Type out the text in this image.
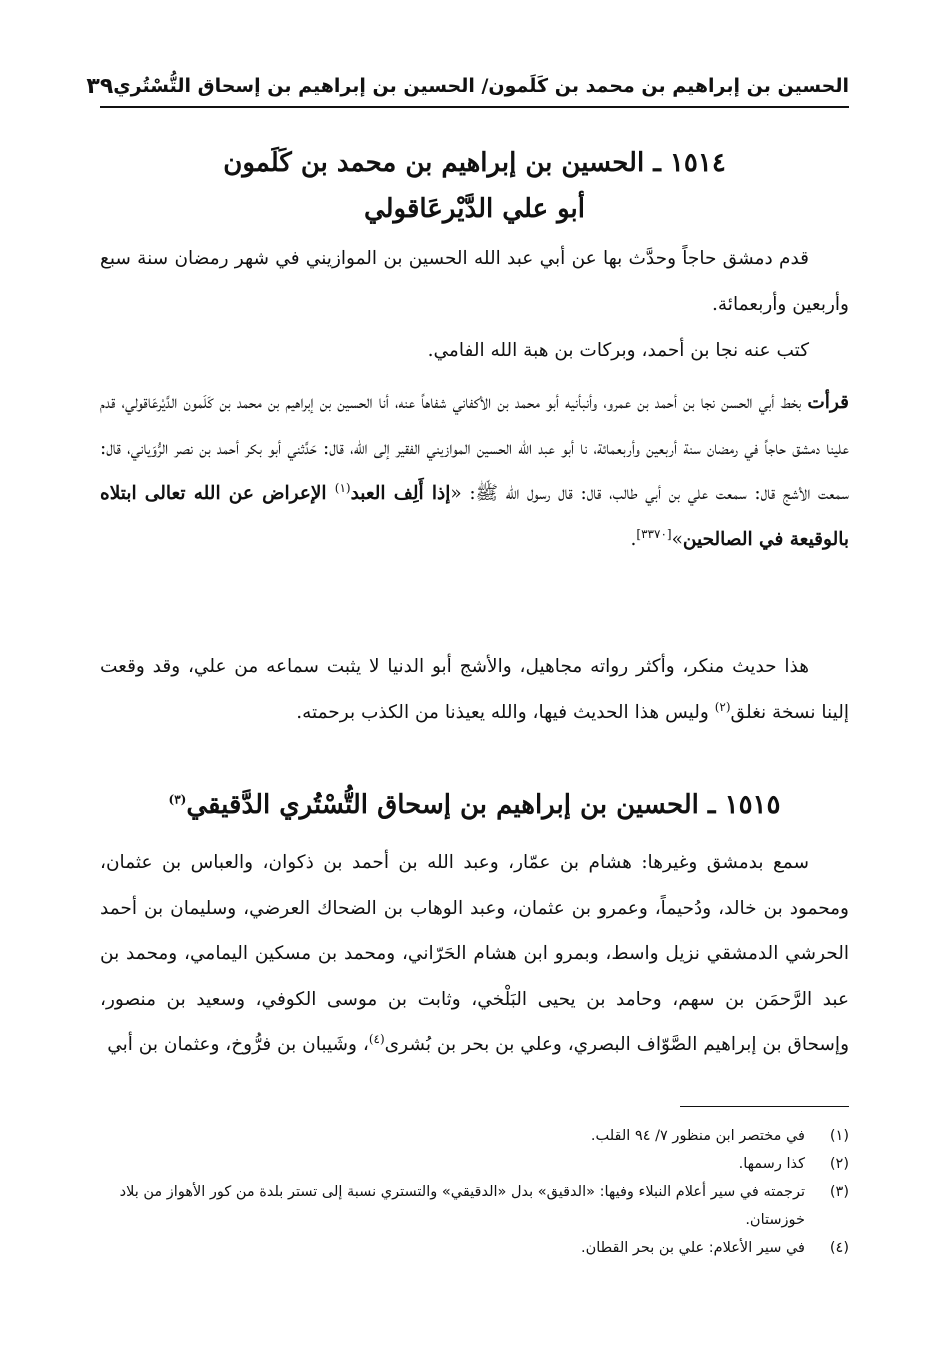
الحسين بن إبراهيم بن محمد بن كَلَمون/ الحسين بن إبراهيم بن إسحاق التُّسْتُري
٣٩
١٥١٤ ـ الحسين بن إبراهيم بن محمد بن كَلَمون
أبو علي الدَّيْرعَاقولي

قدم دمشق حاجاً وحدَّث بها عن أبي عبد الله الحسين بن الموازيني في شهر رمضان سنة سبع وأربعين وأربعمائة.

كتب عنه نجا بن أحمد، وبركات بن هبة الله الفامي.

قرأت بخط أبي الحسن نجا بن أحمد بن عمرو، وأنبأنيه أبو محمد بن الأكفاني شفاهاً عنه، أنا الحسين بن إبراهيم بن محمد بن كَلَمون الدَّيْرعَاقولي، قدم علينا دمشق حاجاً في رمضان سنة أربعين وأربعمائة، نا أبو عبد الله الحسين الموازيني الفقير إلى الله، قال: حَدَّثني أبو بكر أحمد بن نصر الرُّوَياني، قال: سمعت الأشج قال: سمعت علي بن أبي طالب، قال: قال رسول الله ﷺ: «إذا أَلِف العبد$^{(١)}$ الإعراض عن الله تعالى ابتلاه بالوقيعة في الصالحين»[٣٣٧٠].

هذا حديث منكر، وأكثر رواته مجاهيل، والأشج أبو الدنيا لا يثبت سماعه من علي، وقد وقعت إلينا نسخة نغلق$^{(٢)}$ وليس هذا الحديث فيها، والله يعيذنا من الكذب برحمته.

١٥١٥ ـ الحسين بن إبراهيم بن إسحاق التُّسْتُري الدَّقيقي$^{(٣)}$

سمع بدمشق وغيرها: هشام بن عمّار، وعبد الله بن أحمد بن ذكوان، والعباس بن عثمان، ومحمود بن خالد، ودُحيماً، وعمرو بن عثمان، وعبد الوهاب بن الضحاك العرضي، وسليمان بن أحمد الحرشي الدمشقي نزيل واسط، وبمرو ابن هشام الحَرّاني، ومحمد بن مسكين اليمامي، ومحمد بن عبد الرَّحمَن بن سهم، وحامد بن يحيى البَلْخي، وثابت بن موسى الكوفي، وسعيد بن منصور، وإسحاق بن إبراهيم الصَّوّاف البصري، وعلي بن بحر بن بُشرى$^{(٤)}$، وشَيبان بن فرُّوخ، وعثمان بن أبي

(١)
في مختصر ابن منظور ٧/ ٩٤ القلب.
(٢)
كذا رسمها.
(٣)
ترجمته في سير أعلام النبلاء وفيها: «الدقيق» بدل «الدقيقي» والتستري نسبة إلى تستر بلدة من كور الأهواز من بلاد خوزستان.
(٤)
في سير الأعلام: علي بن بحر القطان.
